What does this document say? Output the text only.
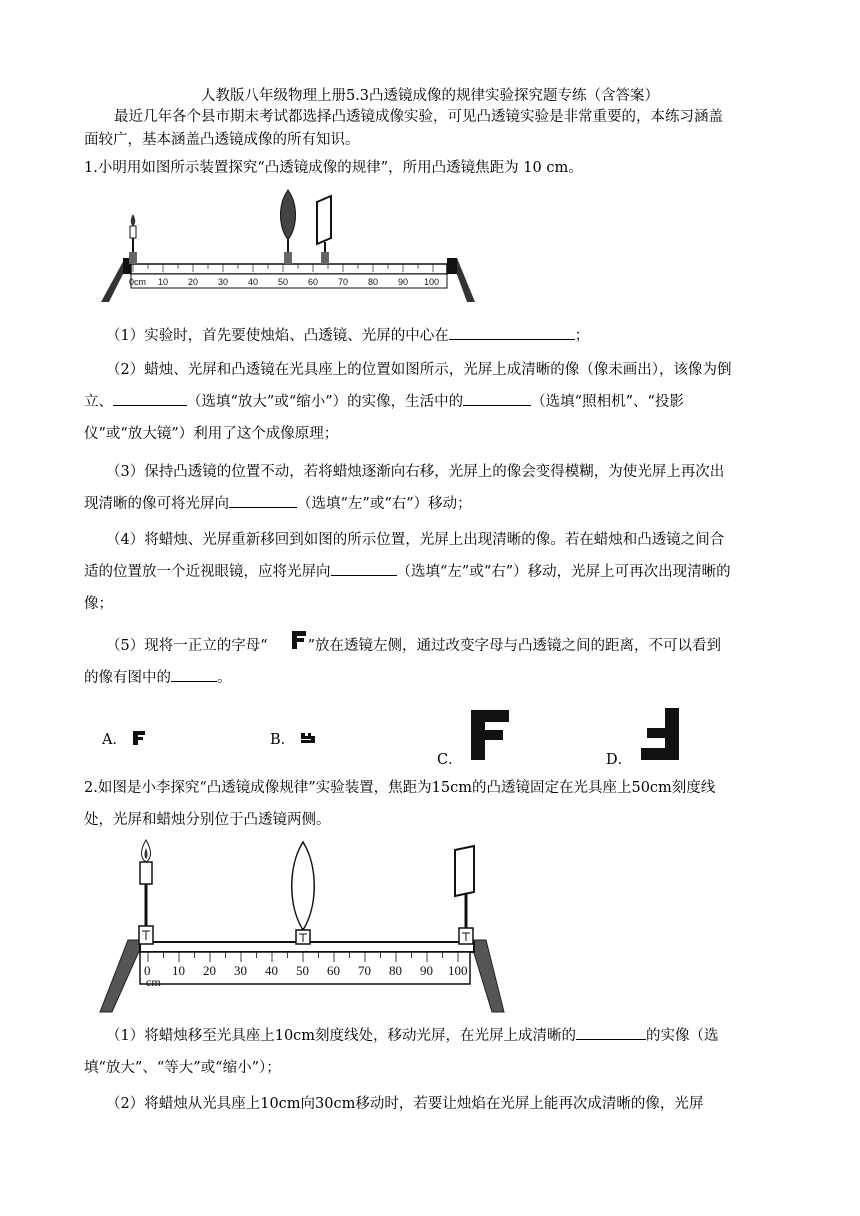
人教版八年级物理上册5.3凸透镜成像的规律实验探究题专练（含答案）
最近几年各个县市期末考试都选择凸透镜成像实验，可见凸透镜实验是非常重要的，本练习涵盖面较广，基本涵盖凸透镜成像的所有知识。
1.小明用如图所示装置探究“凸透镜成像的规律”，所用凸透镜焦距为 10 cm。
0cm 10 20 30 40 50 60 70 80 90 100
（1）实验时，首先要使烛焰、凸透镜、光屏的中心在	；
（2）蜡烛、光屏和凸透镜在光具座上的位置如图所示，光屏上成清晰的像（像未画出），该像为倒立、	（选填“放大”或“缩小”）的实像，生活中的	（选填“照相机”、“投影仪”或“放大镜”）利用了这个成像原理；
（3）保持凸透镜的位置不动，若将蜡烛逐渐向右移，光屏上的像会变得模糊，为使光屏上再次出现清晰的像可将光屏向	（选填“左”或“右”）移动；
（4）将蜡烛、光屏重新移回到如图的所示位置，光屏上出现清晰的像。若在蜡烛和凸透镜之间合适的位置放一个近视眼镜，应将光屏向	（选填“左”或“右”）移动，光屏上可再次出现清晰的像；
（5）现将一正立的字母“	”放在透镜左侧，通过改变字母与凸透镜之间的距离，不可以看到的像有图中的	。
A．	B．
C．	D．
2.如图是小李探究“凸透镜成像规律”实验装置，焦距为15cm的凸透镜固定在光具座上50cm刻度线处，光屏和蜡烛分别位于凸透镜两侧。
0 10 20 30 40 50 60 70 80 90 100
cm
（1）将蜡烛移至光具座上10cm刻度线处，移动光屏，在光屏上成清晰的	的实像（选填“放大”、“等大”或“缩小”）；
（2）将蜡烛从光具座上10cm向30cm移动时，若要让烛焰在光屏上能再次成清晰的像，光屏
